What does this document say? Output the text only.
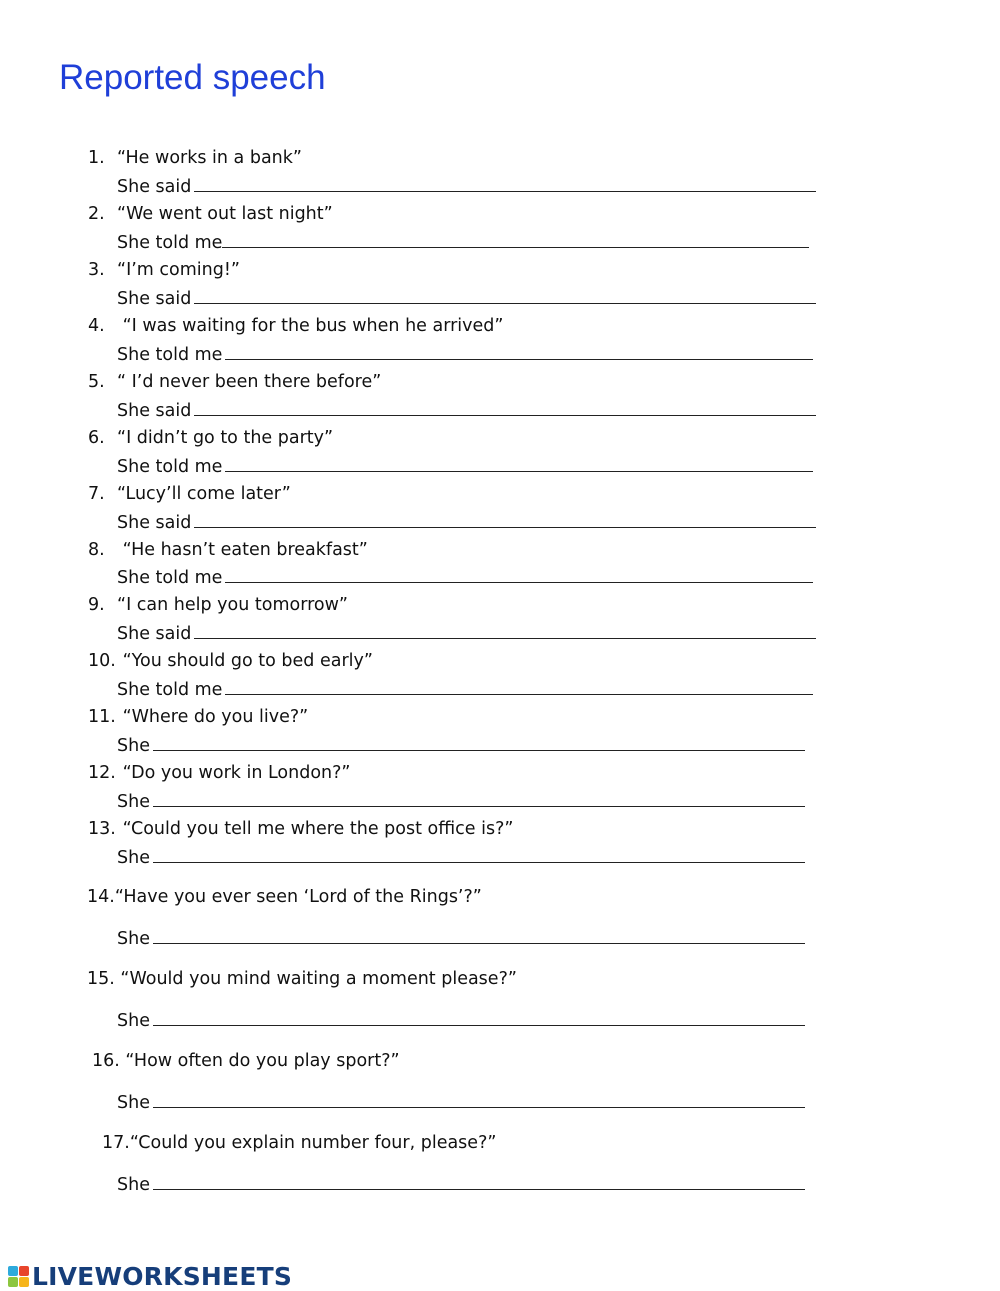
Reported speech
1. “He works in a bank”
She said
2. “We went out last night”
She told me
3. “I’m coming!”
She said
4. “I was waiting for the bus when he arrived”
She told me
5. “ I’d never been there before”
She said
6. “I didn’t go to the party”
She told me
7. “Lucy’ll come later”
She said
8. “He hasn’t eaten breakfast”
She told me
9. “I can help you tomorrow”
She said
10. “You should go to bed early”
She told me
11. “Where do you live?”
She
12. “Do you work in London?”
She
13. “Could you tell me where the post office is?”
She
14.“Have you ever seen ‘Lord of the Rings’?”
She
15. “Would you mind waiting a moment please?”
She
16. “How often do you play sport?”
She
17.“Could you explain number four, please?”
She
LIVEWORKSHEETS
